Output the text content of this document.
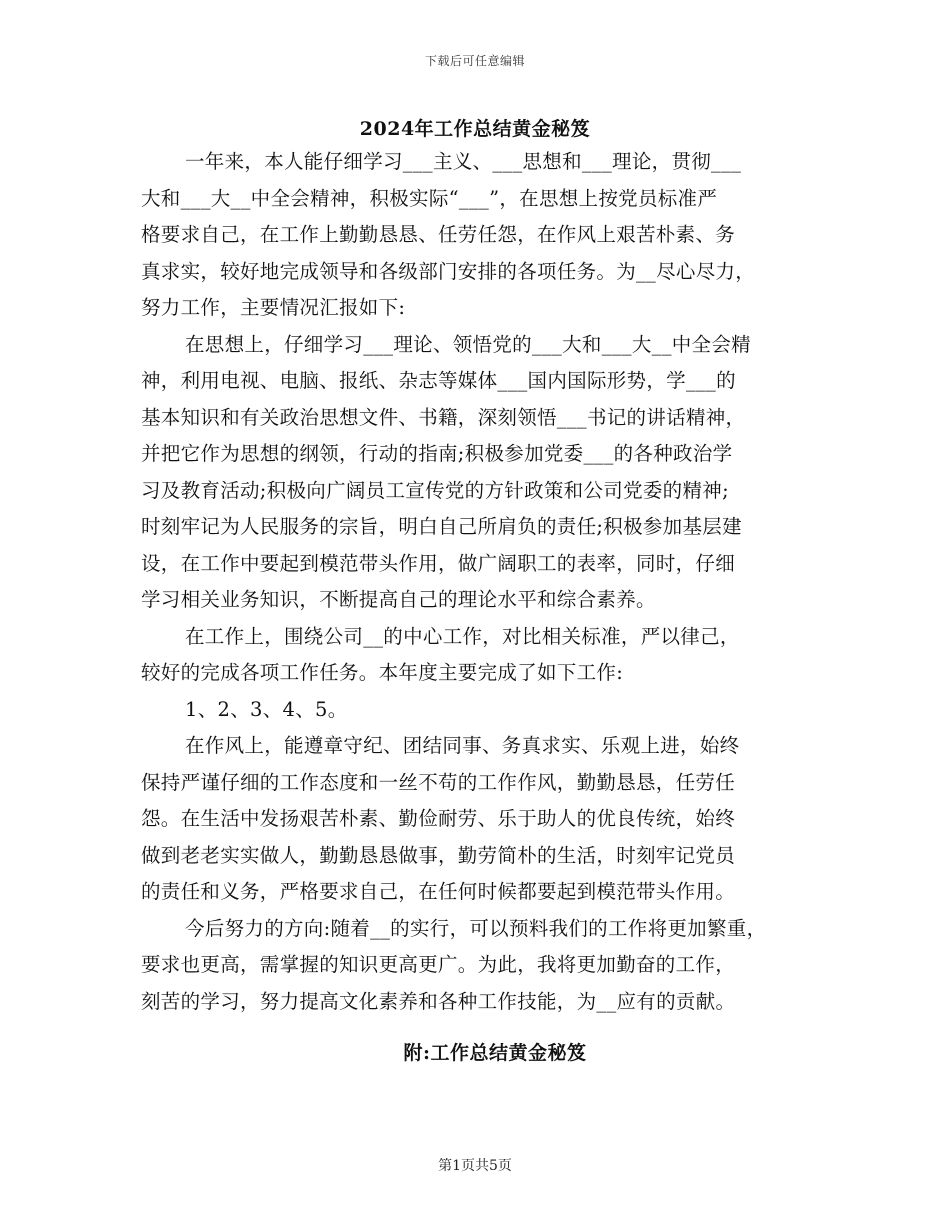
下载后可任意编辑
2024年工作总结黄金秘笈
一年来，本人能仔细学习___主义、___思想和___理论，贯彻___
大和___大__中全会精神，积极实际“___”，在思想上按党员标准严
格要求自己，在工作上勤勤恳恳、任劳任怨，在作风上艰苦朴素、务
真求实，较好地完成领导和各级部门安排的各项任务。为__尽心尽力，
努力工作，主要情况汇报如下:
在思想上，仔细学习___理论、领悟党的___大和___大__中全会精
神，利用电视、电脑、报纸、杂志等媒体___国内国际形势，学___的
基本知识和有关政治思想文件、书籍，深刻领悟___书记的讲话精神，
并把它作为思想的纲领，行动的指南;积极参加党委___的各种政治学
习及教育活动;积极向广阔员工宣传党的方针政策和公司党委的精神;
时刻牢记为人民服务的宗旨，明白自己所肩负的责任;积极参加基层建
设，在工作中要起到模范带头作用，做广阔职工的表率，同时，仔细
学习相关业务知识，不断提高自己的理论水平和综合素养。
在工作上，围绕公司__的中心工作，对比相关标准，严以律己，
较好的完成各项工作任务。本年度主要完成了如下工作:
1、2、3、4、5。
在作风上，能遵章守纪、团结同事、务真求实、乐观上进，始终
保持严谨仔细的工作态度和一丝不苟的工作作风，勤勤恳恳，任劳任
怨。在生活中发扬艰苦朴素、勤俭耐劳、乐于助人的优良传统，始终
做到老老实实做人，勤勤恳恳做事，勤劳简朴的生活，时刻牢记党员
的责任和义务，严格要求自己，在任何时候都要起到模范带头作用。
今后努力的方向:随着__的实行，可以预料我们的工作将更加繁重，
要求也更高，需掌握的知识更高更广。为此，我将更加勤奋的工作，
刻苦的学习，努力提高文化素养和各种工作技能，为__应有的贡献。
附:工作总结黄金秘笈
第1页共5页
